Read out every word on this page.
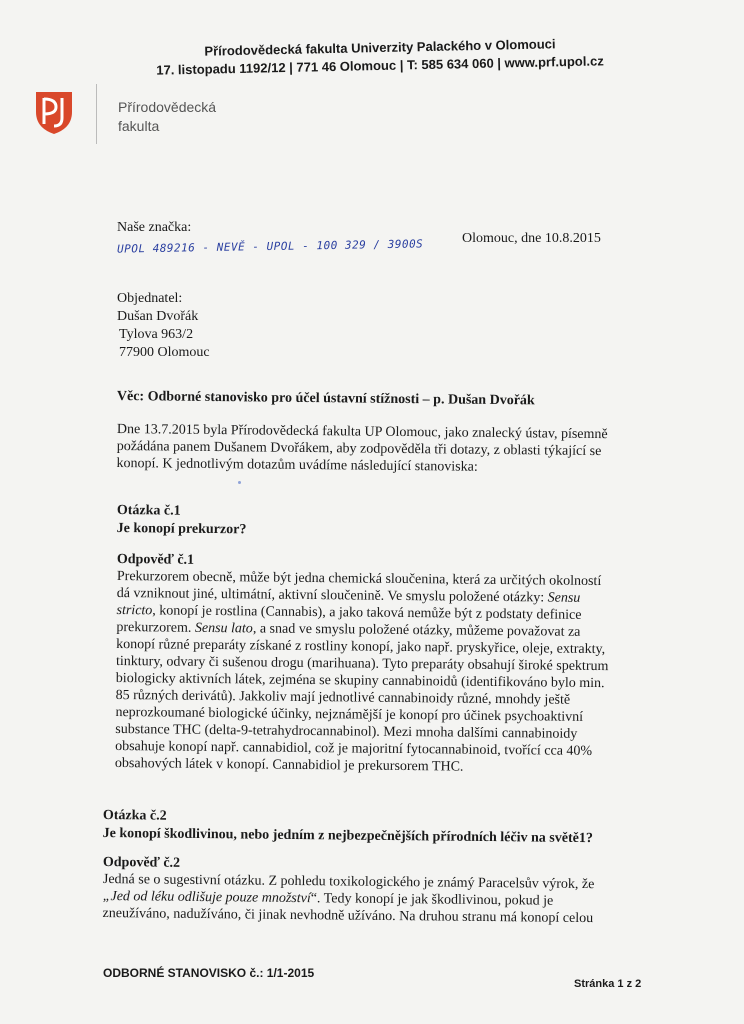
Přírodovědecká fakulta Univerzity Palackého v Olomouci
17. listopadu 1192/12 | 771 46 Olomouc | T: 585 634 060 | www.prf.upol.cz
Přírodovědecká
fakulta
Naše značka:
UPOL 489216 - NEVĚ - UPOL - 100 329 / 3900S	Olomouc, dne 10.8.2015
Objednatel:
Dušan Dvořák
Tylova 963/2
77900 Olomouc
Věc: Odborné stanovisko pro účel ústavní stížnosti – p. Dušan Dvořák
Dne 13.7.2015 byla Přírodovědecká fakulta UP Olomouc, jako znalecký ústav, písemně
požádána panem Dušanem Dvořákem, aby zodpověděla tři dotazy, z oblasti týkající se
konopí. K jednotlivým dotazům uvádíme následující stanoviska:
Otázka č.1
Je konopí prekurzor?
Odpověď č.1
Prekurzorem obecně, může být jedna chemická sloučenina, která za určitých okolností
dá vzniknout jiné, ultimátní, aktivní sloučenině. Ve smyslu položené otázky: Sensu
stricto, konopí je rostlina (Cannabis), a jako taková nemůže být z podstaty definice
prekurzorem. Sensu lato, a snad ve smyslu položené otázky, můžeme považovat za
konopí různé preparáty získané z rostliny konopí, jako např. pryskyřice, oleje, extrakty,
tinktury, odvary či sušenou drogu (marihuana). Tyto preparáty obsahují široké spektrum
biologicky aktivních látek, zejména se skupiny cannabinoidů (identifikováno bylo min.
85 různých derivátů). Jakkoliv mají jednotlivé cannabinoidy různé, mnohdy ještě
neprozkoumané biologické účinky, nejznámější je konopí pro účinek psychoaktivní
substance THC (delta-9-tetrahydrocannabinol). Mezi mnoha dalšími cannabinoidy
obsahuje konopí např. cannabidiol, což je majoritní fytocannabinoid, tvořící cca 40%
obsahových látek v konopí. Cannabidiol je prekursorem THC.
Otázka č.2
Je konopí škodlivinou, nebo jedním z nejbezpečnějších přírodních léčiv na světě1?
Odpověď č.2
Jedná se o sugestivní otázku. Z pohledu toxikologického je známý Paracelsův výrok, že
„Jed od léku odlišuje pouze množství“. Tedy konopí je jak škodlivinou, pokud je
zneužíváno, nadužíváno, či jinak nevhodně užíváno. Na druhou stranu má konopí celou
ODBORNÉ STANOVISKO č.: 1/1-2015
Stránka 1 z 2
